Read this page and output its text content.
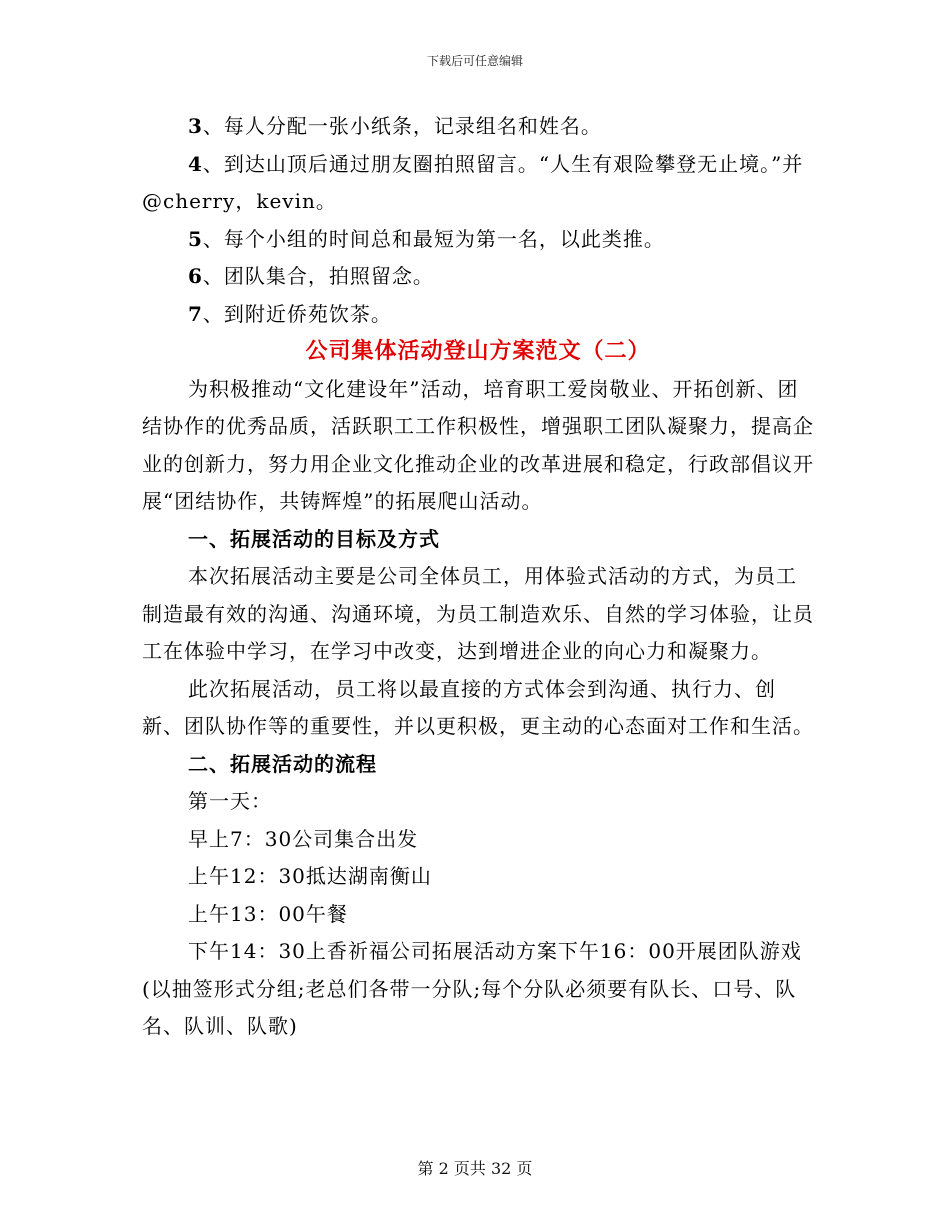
下载后可任意编辑

3、每人分配一张小纸条，记录组名和姓名。

4、到达山顶后通过朋友圈拍照留言。“人生有艰险攀登无止境。”并@cherry，kevin。

5、每个小组的时间总和最短为第一名，以此类推。

6、团队集合，拍照留念。

7、到附近侨苑饮茶。

公司集体活动登山方案范文（二）

为积极推动“文化建设年”活动，培育职工爱岗敬业、开拓创新、团结协作的优秀品质，活跃职工工作积极性，增强职工团队凝聚力，提高企业的创新力，努力用企业文化推动企业的改革进展和稳定，行政部倡议开展“团结协作，共铸辉煌”的拓展爬山活动。

一、拓展活动的目标及方式

本次拓展活动主要是公司全体员工，用体验式活动的方式，为员工制造最有效的沟通、沟通环境，为员工制造欢乐、自然的学习体验，让员工在体验中学习，在学习中改变，达到增进企业的向心力和凝聚力。

此次拓展活动，员工将以最直接的方式体会到沟通、执行力、创新、团队协作等的重要性，并以更积极，更主动的心态面对工作和生活。

二、拓展活动的流程

第一天：

早上7：30公司集合出发

上午12：30抵达湖南衡山

上午13：00午餐

下午14：30上香祈福公司拓展活动方案下午16：00开展团队游戏(以抽签形式分组;老总们各带一分队;每个分队必须要有队长、口号、队名、队训、队歌)

第 2 页共 32 页
